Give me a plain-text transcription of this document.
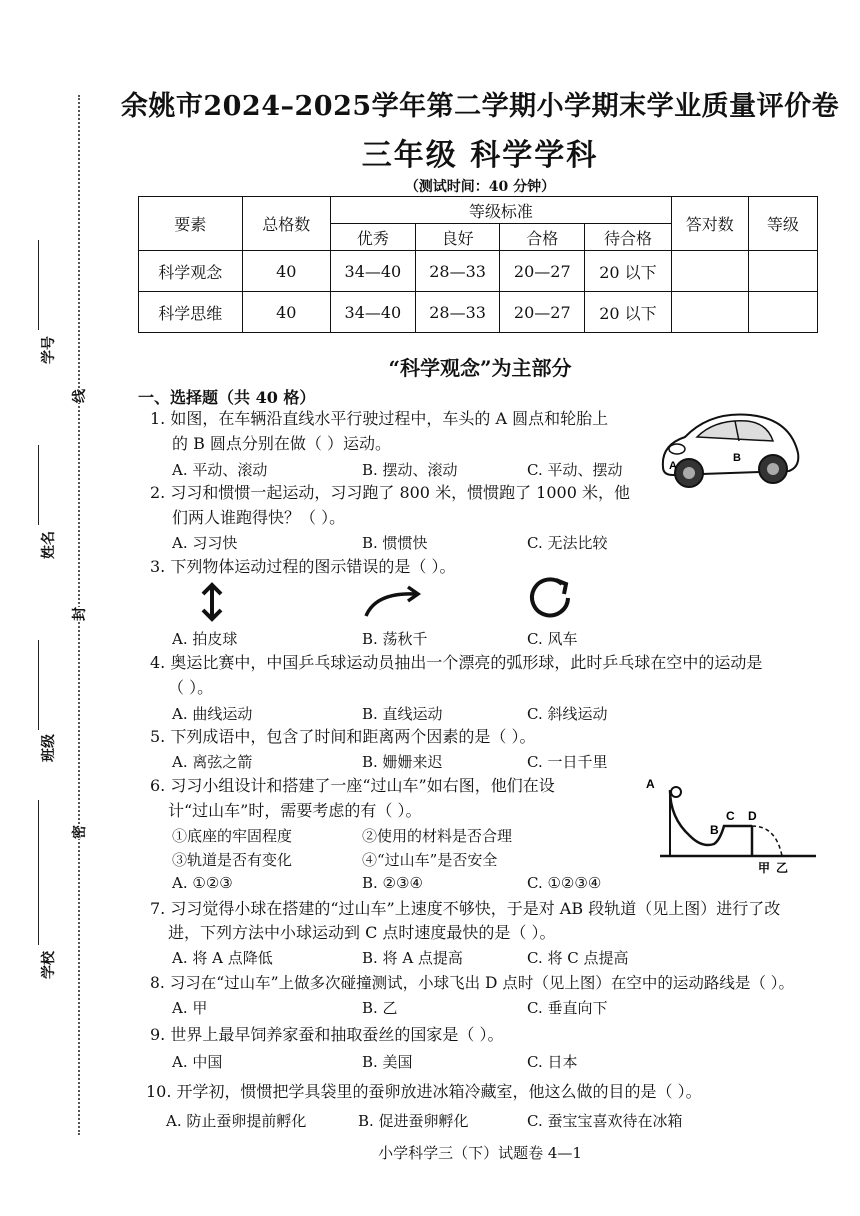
学号
姓名
班级
学校
线
封
密
余姚市2024–2025学年第二学期小学期末学业质量评价卷
三年级 科学学科
（测试时间：40 分钟）
要素	总格数	等级标准				答对数	等级
		优秀	良好	合格	待合格		
科学观念	40	34—40	28—33	20—27	20 以下		
科学思维	40	34—40	28—33	20—27	20 以下		
“科学观念”为主部分
一、选择题（共 40 格）
1. 如图，在车辆沿直线水平行驶过程中，车头的 A 圆点和轮胎上
的 B 圆点分别在做（ ）运动。
A. 平动、滚动	B. 摆动、滚动	C. 平动、摆动	A
B
2. 习习和惯惯一起运动，习习跑了 800 米，惯惯跑了 1000 米，他
们两人谁跑得快？（ ）。
A. 习习快	B. 惯惯快	C. 无法比较
3. 下列物体运动过程的图示错误的是（ ）。
A. 拍皮球	B. 荡秋千	C. 风车
4. 奥运比赛中，中国乒乓球运动员抽出一个漂亮的弧形球，此时乒乓球在空中的运动是
（ ）。
A. 曲线运动	B. 直线运动	C. 斜线运动
5. 下列成语中，包含了时间和距离两个因素的是（ ）。
A. 离弦之箭	B. 姗姗来迟	C. 一日千里
6. 习习小组设计和搭建了一座“过山车”如右图，他们在设
计“过山车”时，需要考虑的有（ ）。
①底座的牢固程度	②使用的材料是否合理
③轨道是否有变化	④“过山车”是否安全
A. ①②③	B. ②③④	C. ①②③④
A
B
C D
甲 乙
7. 习习觉得小球在搭建的“过山车”上速度不够快，于是对 AB 段轨道（见上图）进行了改
进，下列方法中小球运动到 C 点时速度最快的是（ ）。
A. 将 A 点降低	B. 将 A 点提高	C. 将 C 点提高
8. 习习在“过山车”上做多次碰撞测试，小球飞出 D 点时（见上图）在空中的运动路线是（ ）。
A. 甲	B. 乙	C. 垂直向下
9. 世界上最早饲养家蚕和抽取蚕丝的国家是（ ）。
A. 中国	B. 美国	C. 日本
10. 开学初，惯惯把学具袋里的蚕卵放进冰箱冷藏室，他这么做的目的是（ ）。
A. 防止蚕卵提前孵化	B. 促进蚕卵孵化	C. 蚕宝宝喜欢待在冰箱
小学科学三（下）试题卷 4—1
